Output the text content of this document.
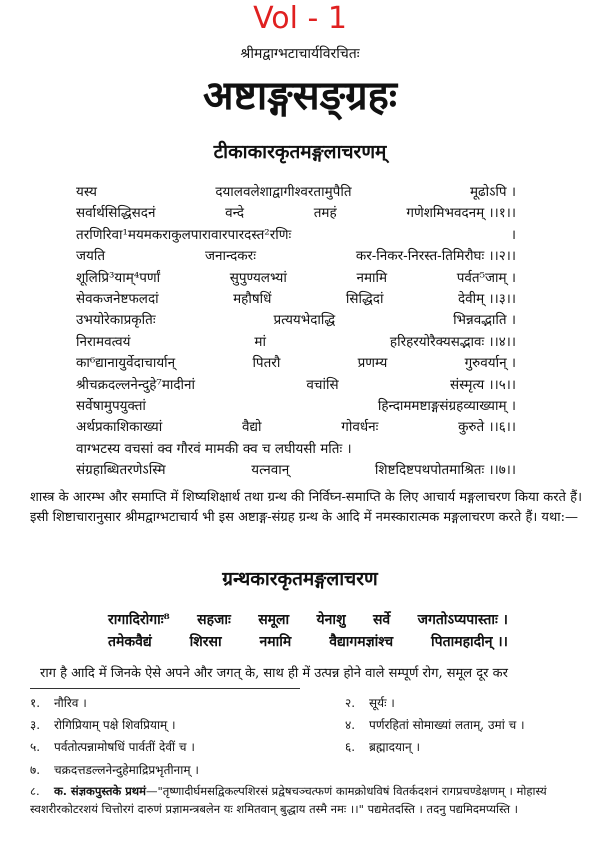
Vol - 1
श्रीमद्वाग्भटाचार्यविरचितः
अष्टाङ्गसङ्ग्रहः
टीकाकारकृतमङ्गलाचरणम्
यस्य	दयालवलेशाद्वागीश्वरतामुपैति	मूढोऽपि ।
सर्वार्थसिद्धिसदनं	वन्दे	तमहं	गणेशमिभवदनम् ।।१।।
तरणिरिवा¹मयमकराकुलपारावारपारदस्त²रणिः	।
जयति	जनान्दकरः	कर-निकर-निरस्त-तिमिरौघः ।।२।।
शूलिप्रि³याम्⁴पर्णां	सुपुण्यलभ्यां	नमामि	पर्वत⁵जाम् ।
सेवकजनेष्टफलदां	महौषधिं	सिद्धिदां	देवीम् ।।३।।
उभयोरेकाप्रकृतिः	प्रत्ययभेदाद्धि	भिन्नवद्भाति ।
निरामवत्वयं	मां	हरिहरयोरैक्यसद्भावः ।।४।।
का⁶द्यानायुर्वेदाचार्यान्	पितरौ	प्रणम्य	गुरुवर्यान् ।
श्रीचक्रदल्लनेन्दुहे⁷मादीनां	वचांसि	संस्मृत्य ।।५।।
सर्वेषामुपयुक्तां	हिन्दाममष्टाङ्गसंग्रहव्याख्याम् ।
अर्थप्रकाशिकाख्यां	वैद्यो	गोवर्धनः	कुरुते ।।६।।
वाग्भटस्य वचसां क्व गौरवं मामकी क्व च लघीयसी मतिः ।
संग्रहाब्धितरणेऽस्मि	यत्नवान्	शिष्टदिष्टपथपोतमाश्रितः ।।७।।
शास्त्र के आरम्भ और समाप्ति में शिष्यशिक्षार्थ तथा ग्रन्थ की निर्विघ्न-समाप्ति के लिए आचार्य मङ्गलाचरण किया करते हैं। इसी शिष्टाचारानुसार श्रीमद्वाग्भटाचार्य भी इस अष्टाङ्ग-संग्रह ग्रन्थ के आदि में नमस्कारात्मक मङ्गलाचरण करते हैं। यथा:—
ग्रन्थकारकृतमङ्गलाचरण
रागादिरोगाः⁸ सहजाः समूला येनाशु सर्वे जगतोऽप्यपास्ताः ।
तमेकवैद्यं	शिरसा	नमामि	वैद्यागमज्ञांश्च	पितामहादीन् ।।
राग है आदि में जिनके ऐसे अपने और जगत् के, साथ ही में उत्पन्न होने वाले सम्पूर्ण रोग, समूल दूर कर
१. नौरिव ।	२. सूर्यः ।
३. रोगिप्रियाम् पक्षे शिवप्रियाम् ।	४. पर्णरहितां सोमाख्यां लताम्, उमां च ।
५. पर्वतोत्पन्नामोषधिं पार्वतीं देवीं च ।	६. ब्रह्मादयान् ।
७. चक्रदत्तडल्लनेन्दुहेमाद्रिप्रभृतीनाम् ।
८. क. संज्ञकपुस्तके प्रथमं—"तृष्णादीर्घमसद्विकल्पशिरसं प्रद्वेषचञ्चत्फणं कामक्रोधविषं वितर्कदशनं रागप्रचण्डेक्षणम् । मोहास्यं स्वशरीरकोटरशयं चित्तोरगं दारुणं प्रज्ञामन्त्रबलेन यः शमितवान् बुद्धाय तस्मै नमः ।।" पद्यमेतदस्ति । तदनु पद्यमिदमप्यस्ति ।
